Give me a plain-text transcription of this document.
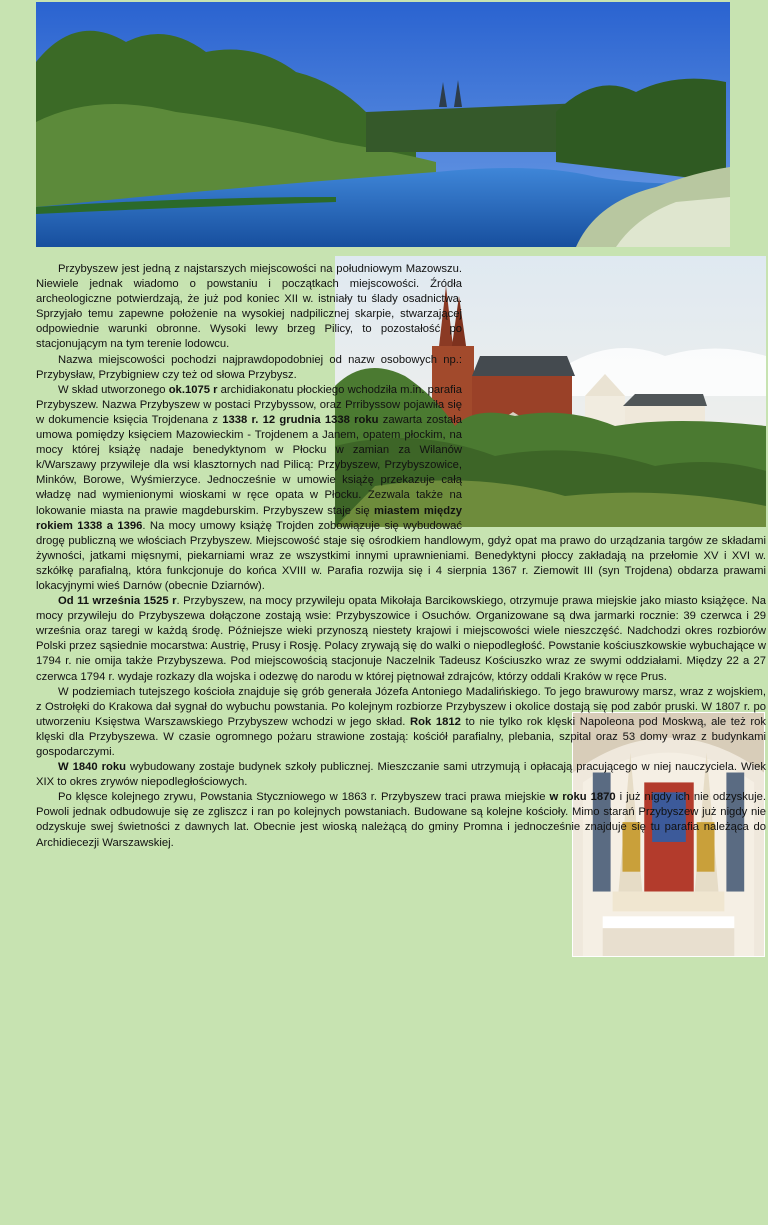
Przybyszew jest jedną z najstarszych miejscowości na południowym Mazowszu. Niewiele jednak wiadomo o powstaniu i początkach miejscowości. Źródła archeologiczne potwierdzają, że już pod koniec XII w. istniały tu ślady osadnictwa. Sprzyjało temu zapewne położenie na wysokiej nadpilicznej skarpie, stwarzającej odpowiednie warunki obronne. Wysoki lewy brzeg Pilicy, to pozostałość po stacjonującym na tym terenie lodowcu.

Nazwa miejscowości pochodzi najprawdopodobniej od nazw osobowych np.: Przybysław, Przybigniew czy też od słowa Przybysz.

W skład utworzonego ok.1075 r archidiakonatu płockiego wchodziła m.in. parafia Przybyszew. Nazwa Przybyszew w postaci Przybyssow, oraz Prribyssow pojawiła się w dokumencie księcia Trojdenana z 1338 r. 12 grudnia 1338 roku zawarta została umowa pomiędzy księciem Mazowieckim - Trojdenem a Janem, opatem płockim, na mocy której książę nadaje benedyktynom w Płocku w zamian za Wilanów k/Warszawy przywileje dla wsi klasztornych nad Pilicą: Przybyszew, Przybyszowice, Minków, Borowe, Wyśmierzyce. Jednocześnie w umowie książę przekazuje całą władzę nad wymienionymi wioskami w ręce opata w Płocku. Zezwala także na lokowanie miasta na prawie magdeburskim. Przybyszew staje się miastem między rokiem 1338 a 1396. Na mocy umowy książę Trojden zobowiązuje się wybudować drogę publiczną we włościach Przybyszew. Miejscowość staje się ośrodkiem handlowym, gdyż opat ma prawo do urządzania targów ze składami żywności, jatkami mięsnymi, piekarniami wraz ze wszystkimi innymi uprawnieniami. Benedyktyni płoccy zakładają na przełomie XV i XVI w. szkółkę parafialną, która funkcjonuje do końca XVIII w. Parafia rozwija się i 4 sierpnia 1367 r. Ziemowit III (syn Trojdena) obdarza prawami lokacyjnymi wieś Darnów (obecnie Dziarnów).

Od 11 września 1525 r. Przybyszew, na mocy przywileju opata Mikołaja Barcikowskiego, otrzymuje prawa miejskie jako miasto książęce. Na mocy przywileju do Przybyszewa dołączone zostają wsie: Przybyszowice i Osuchów. Organizowane są dwa jarmarki rocznie: 39 czerwca i 29 września oraz taregi w każdą środę. Późniejsze wieki przynoszą niestety krajowi i miejscowości wiele nieszczęść. Nadchodzi okres rozbiorów Polski przez sąsiednie mocarstwa: Austrię, Prusy i Rosję. Polacy zrywają się do walki o niepodległość. Powstanie kościuszkowskie wybuchające w 1794 r. nie omija także Przybyszewa. Pod miejscowością stacjonuje Naczelnik Tadeusz Kościuszko wraz ze swymi oddziałami. Między 22 a 27 czerwca 1794 r. wydaje rozkazy dla wojska i odezwę do narodu w której piętnował zdrajców, którzy oddali Kraków w ręce Prus.

W podziemiach tutejszego kościoła znajduje się grób generała Józefa Antoniego Madalińskiego. To jego brawurowy marsz, wraz z wojskiem, z Ostrołęki do Krakowa dał sygnał do wybuchu powstania. Po kolejnym rozbiorze Przybyszew i okolice dostają się pod zabór pruski. W 1807 r. po utworzeniu Księstwa Warszawskiego Przybyszew wchodzi w jego skład. Rok 1812 to nie tylko rok klęski Napoleona pod Moskwą, ale też rok klęski dla Przybyszewa. W czasie ogromnego pożaru strawione zostają: kościół parafialny, plebania, szpital oraz 53 domy wraz z budynkami gospodarczymi.

W 1840 roku wybudowany zostaje budynek szkoły publicznej. Mieszczanie sami utrzymują i opłacają pracującego w niej nauczyciela. Wiek XIX to okres zrywów niepodległościowych.

Po klęsce kolejnego zrywu, Powstania Styczniowego w 1863 r. Przybyszew traci prawa miejskie w roku 1870 i już nigdy ich nie odzyskuje. Powoli jednak odbudowuje się ze zgliszcz i ran po kolejnych powstaniach. Budowane są kolejne kościoły. Mimo starań Przybyszew już nigdy nie odzyskuje swej świetności z dawnych lat. Obecnie jest wioską należącą do gminy Promna i jednocześnie znajduje się tu parafia należąca do Archidiecezji Warszawskiej.
